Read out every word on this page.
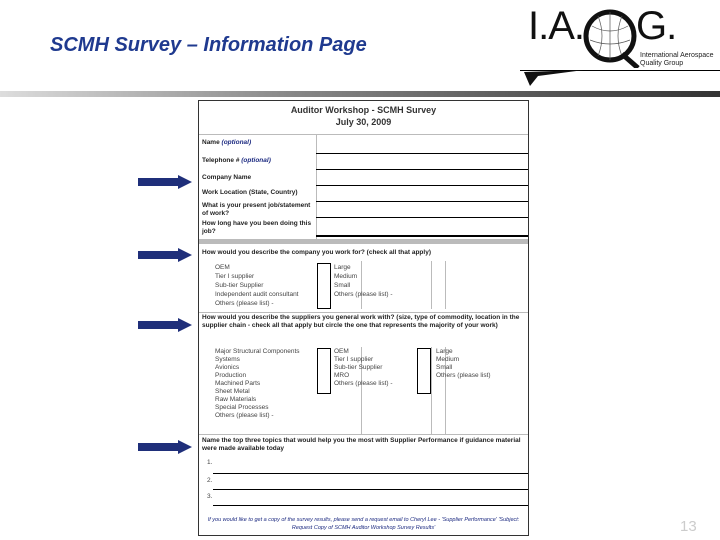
SCMH Survey – Information Page	I.A. G.
International Aerospace Quality Group
Auditor Workshop - SCMH Survey
July 30, 2009
Name (optional)
Telephone # (optional)
Company Name
Work Location (State, Country)
What is your present job/statement of work?
How long have you been doing this job?
How would you describe the company you work for? (check all that apply)
OEM
Tier I supplier
Sub-tier Supplier
Independent audit consultant
Others (please list) -
Large
Medium
Small
Others (please list) -
How would you describe the suppliers you general work with? (size, type of commodity, location in the supplier chain - check all that apply but circle the one that represents the majority of your work)
Major Structural Components
Systems
Avionics
Production
Machined Parts
Sheet Metal
Raw Materials
Special Processes
Others (please list) -
OEM
Tier I supplier
Sub-tier Supplier
MRO
Others (please list) -
Large
Medium
Small
Others (please list)
Name the top three topics that would help you the most with Supplier Performance if guidance material were made available today
1.
2.
3.
If you would like to get a copy of the survey results, please send a request email to Cheryl Lee - 'Supplier Performance' 'Subject: Request Copy of SCMH Auditor Workshop Survey Results'	13
